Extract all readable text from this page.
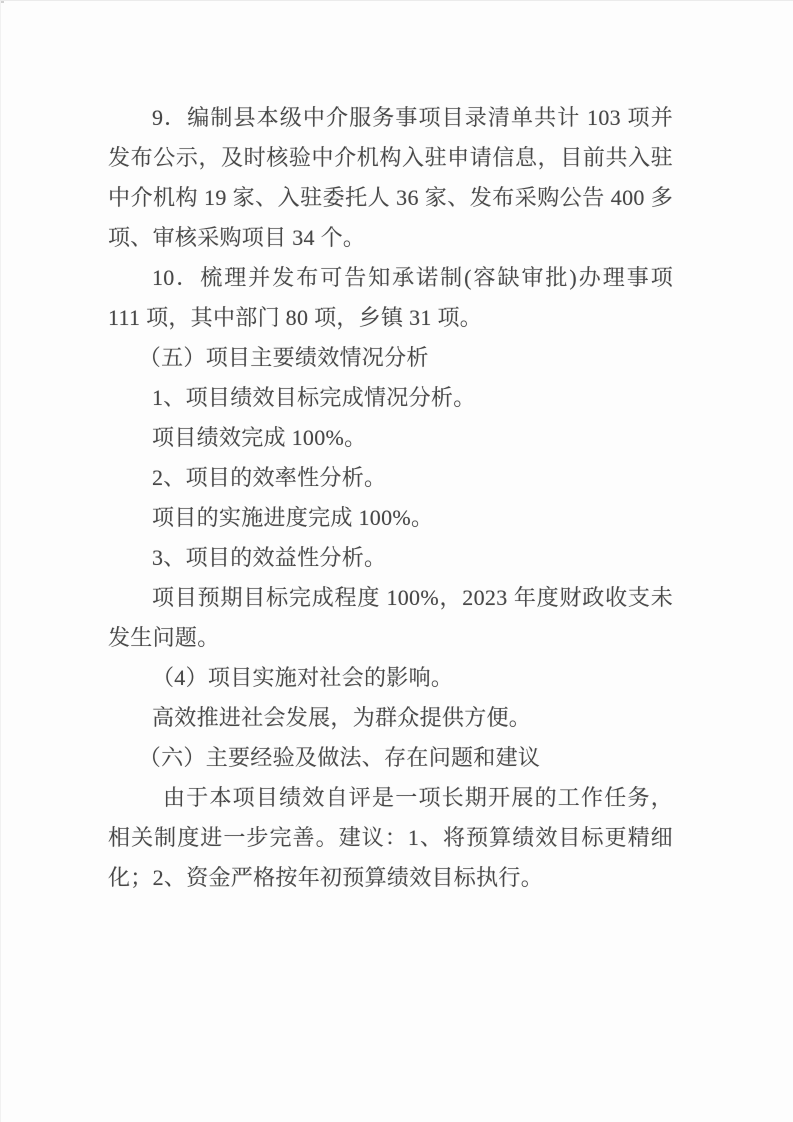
9．编制县本级中介服务事项目录清单共计 103 项并发布公示，及时核验中介机构入驻申请信息，目前共入驻中介机构 19 家、入驻委托人 36 家、发布采购公告 400 多项、审核采购项目 34 个。

10．梳理并发布可告知承诺制(容缺审批)办理事项 111 项，其中部门 80 项，乡镇 31 项。

（五）项目主要绩效情况分析

1、项目绩效目标完成情况分析。

项目绩效完成 100%。

2、项目的效率性分析。

项目的实施进度完成 100%。

3、项目的效益性分析。

项目预期目标完成程度 100%，2023 年度财政收支未发生问题。

（4）项目实施对社会的影响。

高效推进社会发展，为群众提供方便。

（六）主要经验及做法、存在问题和建议

由于本项目绩效自评是一项长期开展的工作任务，相关制度进一步完善。建议：1、将预算绩效目标更精细化；2、资金严格按年初预算绩效目标执行。
